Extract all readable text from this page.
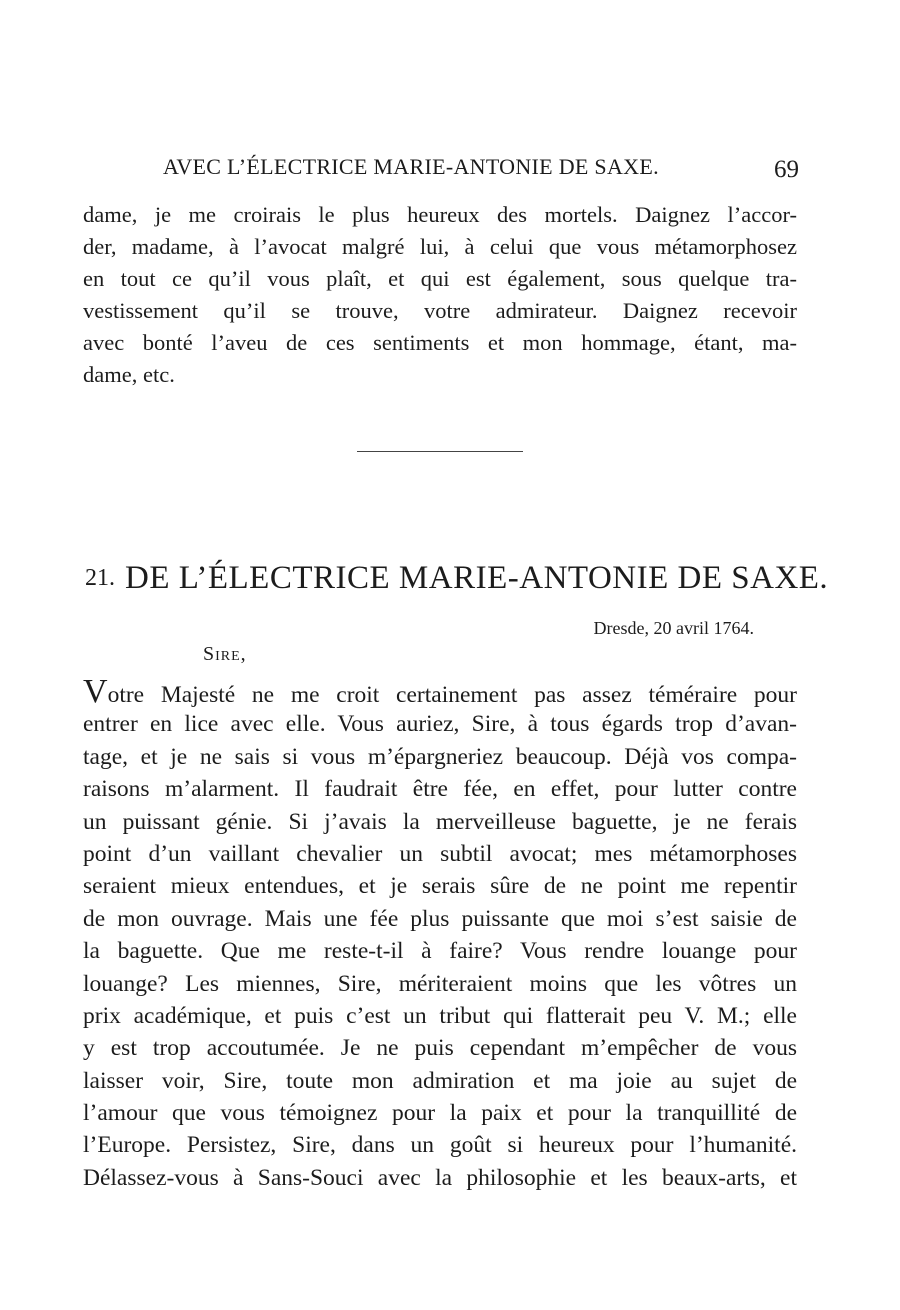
AVEC L’ÉLECTRICE MARIE-ANTONIE DE SAXE.	69
dame, je me croirais le plus heureux des mortels. Daignez l’accor-
der, madame, à l’avocat malgré lui, à celui que vous métamorphosez
en tout ce qu’il vous plaît, et qui est également, sous quelque tra-
vestissement qu’il se trouve, votre admirateur. Daignez recevoir
avec bonté l’aveu de ces sentiments et mon hommage, étant, ma-
dame, etc.
21. DE L’ÉLECTRICE MARIE-ANTONIE DE SAXE.
Dresde, 20 avril 1764.
Sire,
Votre Majesté ne me croit certainement pas assez téméraire pour
entrer en lice avec elle. Vous auriez, Sire, à tous égards trop d’avan-
tage, et je ne sais si vous m’épargneriez beaucoup. Déjà vos compa-
raisons m’alarment. Il faudrait être fée, en effet, pour lutter contre
un puissant génie. Si j’avais la merveilleuse baguette, je ne ferais
point d’un vaillant chevalier un subtil avocat; mes métamorphoses
seraient mieux entendues, et je serais sûre de ne point me repentir
de mon ouvrage. Mais une fée plus puissante que moi s’est saisie de
la baguette. Que me reste-t-il à faire? Vous rendre louange pour
louange? Les miennes, Sire, mériteraient moins que les vôtres un
prix académique, et puis c’est un tribut qui flatterait peu V. M.; elle
y est trop accoutumée. Je ne puis cependant m’empêcher de vous
laisser voir, Sire, toute mon admiration et ma joie au sujet de
l’amour que vous témoignez pour la paix et pour la tranquillité de
l’Europe. Persistez, Sire, dans un goût si heureux pour l’humanité.
Délassez-vous à Sans-Souci avec la philosophie et les beaux-arts, et
